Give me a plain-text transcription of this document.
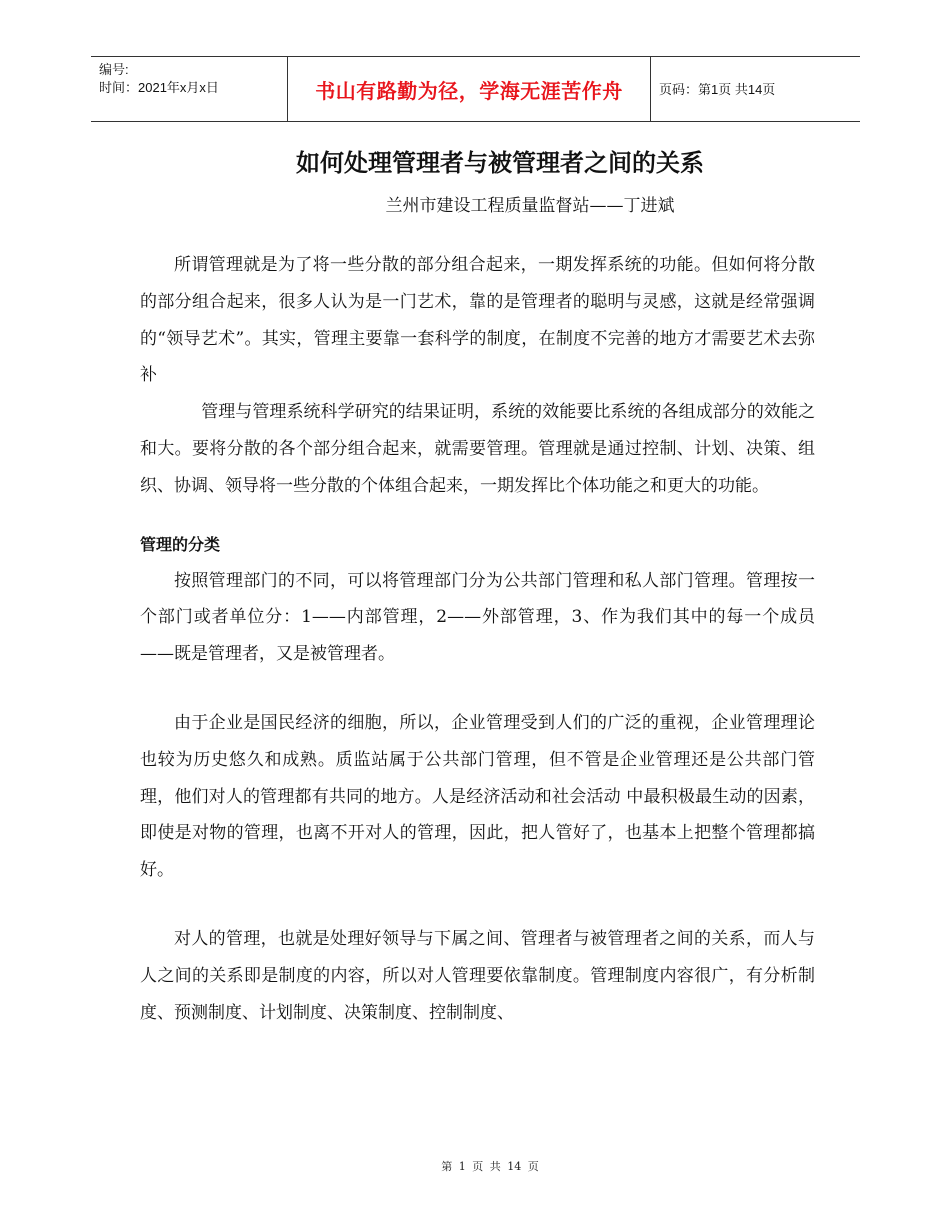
编号:
时间：2021年x月x日	书山有路勤为径，学海无涯苦作舟	页码：第1页 共14页
如何处理管理者与被管理者之间的关系
兰州市建设工程质量监督站——丁进斌

所谓管理就是为了将一些分散的部分组合起来，一期发挥系统的功能。但如何将分散的部分组合起来，很多人认为是一门艺术，靠的是管理者的聪明与灵感，这就是经常强调的“领导艺术”。其实，管理主要靠一套科学的制度，在制度不完善的地方才需要艺术去弥补

管理与管理系统科学研究的结果证明，系统的效能要比系统的各组成部分的效能之和大。要将分散的各个部分组合起来，就需要管理。管理就是通过控制、计划、决策、组织、协调、领导将一些分散的个体组合起来，一期发挥比个体功能之和更大的功能。

管理的分类

按照管理部门的不同，可以将管理部门分为公共部门管理和私人部门管理。管理按一个部门或者单位分：1——内部管理，2——外部管理，3、作为我们其中的每一个成员——既是管理者，又是被管理者。

由于企业是国民经济的细胞，所以，企业管理受到人们的广泛的重视，企业管理理论也较为历史悠久和成熟。质监站属于公共部门管理，但不管是企业管理还是公共部门管理，他们对人的管理都有共同的地方。人是经济活动和社会活动 中最积极最生动的因素，即使是对物的管理，也离不开对人的管理，因此，把人管好了，也基本上把整个管理都搞好。

对人的管理，也就是处理好领导与下属之间、管理者与被管理者之间的关系，而人与人之间的关系即是制度的内容，所以对人管理要依靠制度。管理制度内容很广，有分析制度、预测制度、计划制度、决策制度、控制制度、

第 1 页 共 14 页
